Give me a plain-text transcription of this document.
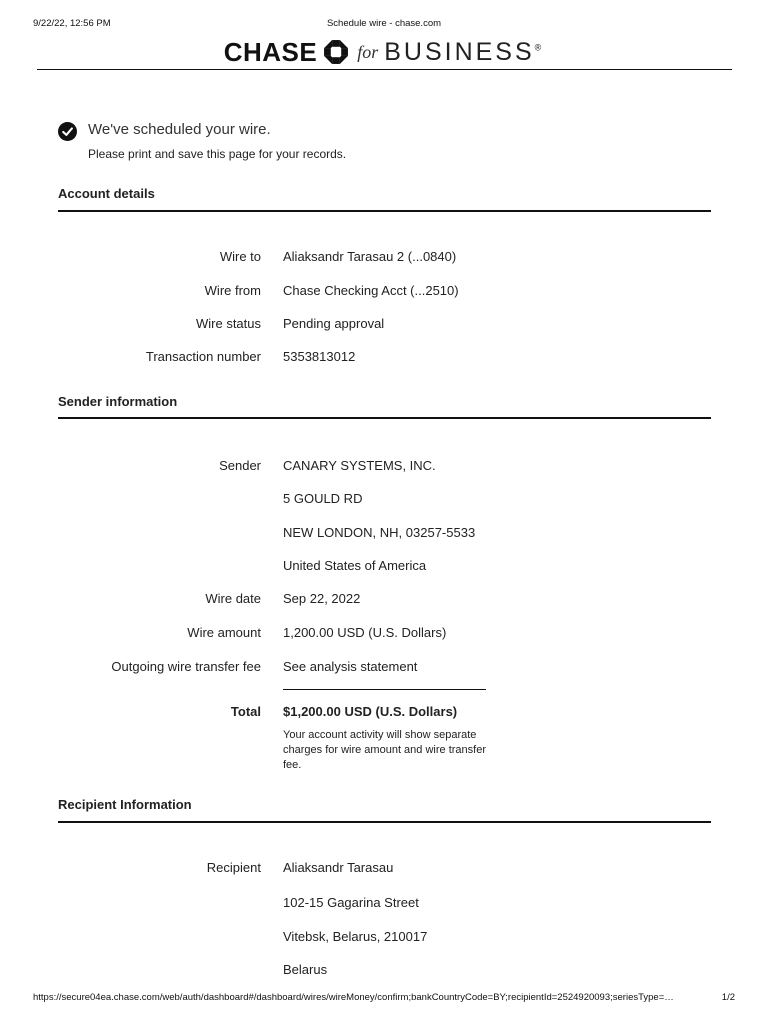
9/22/22, 12:56 PM	Schedule wire - chase.com
CHASE for BUSINESS®
We've scheduled your wire.
Please print and save this page for your records.
Account details
Wire to Aliaksandr Tarasau 2 (...0840)
Wire from Chase Checking Acct (...2510)
Wire status Pending approval
Transaction number 5353813012
Sender information
Sender CANARY SYSTEMS, INC.
5 GOULD RD
NEW LONDON, NH, 03257-5533
United States of America
Wire date Sep 22, 2022
Wire amount 1,200.00 USD (U.S. Dollars)
Outgoing wire transfer fee See analysis statement
Total $1,200.00 USD (U.S. Dollars)
Your account activity will show separate charges for wire amount and wire transfer fee.
Recipient Information
Recipient Aliaksandr Tarasau
102-15 Gagarina Street
Vitebsk, Belarus, 210017
Belarus
https://secure04ea.chase.com/web/auth/dashboard#/dashboard/wires/wireMoney/confirm;bankCountryCode=BY;recipientId=2524920093;seriesType=…	1/2
